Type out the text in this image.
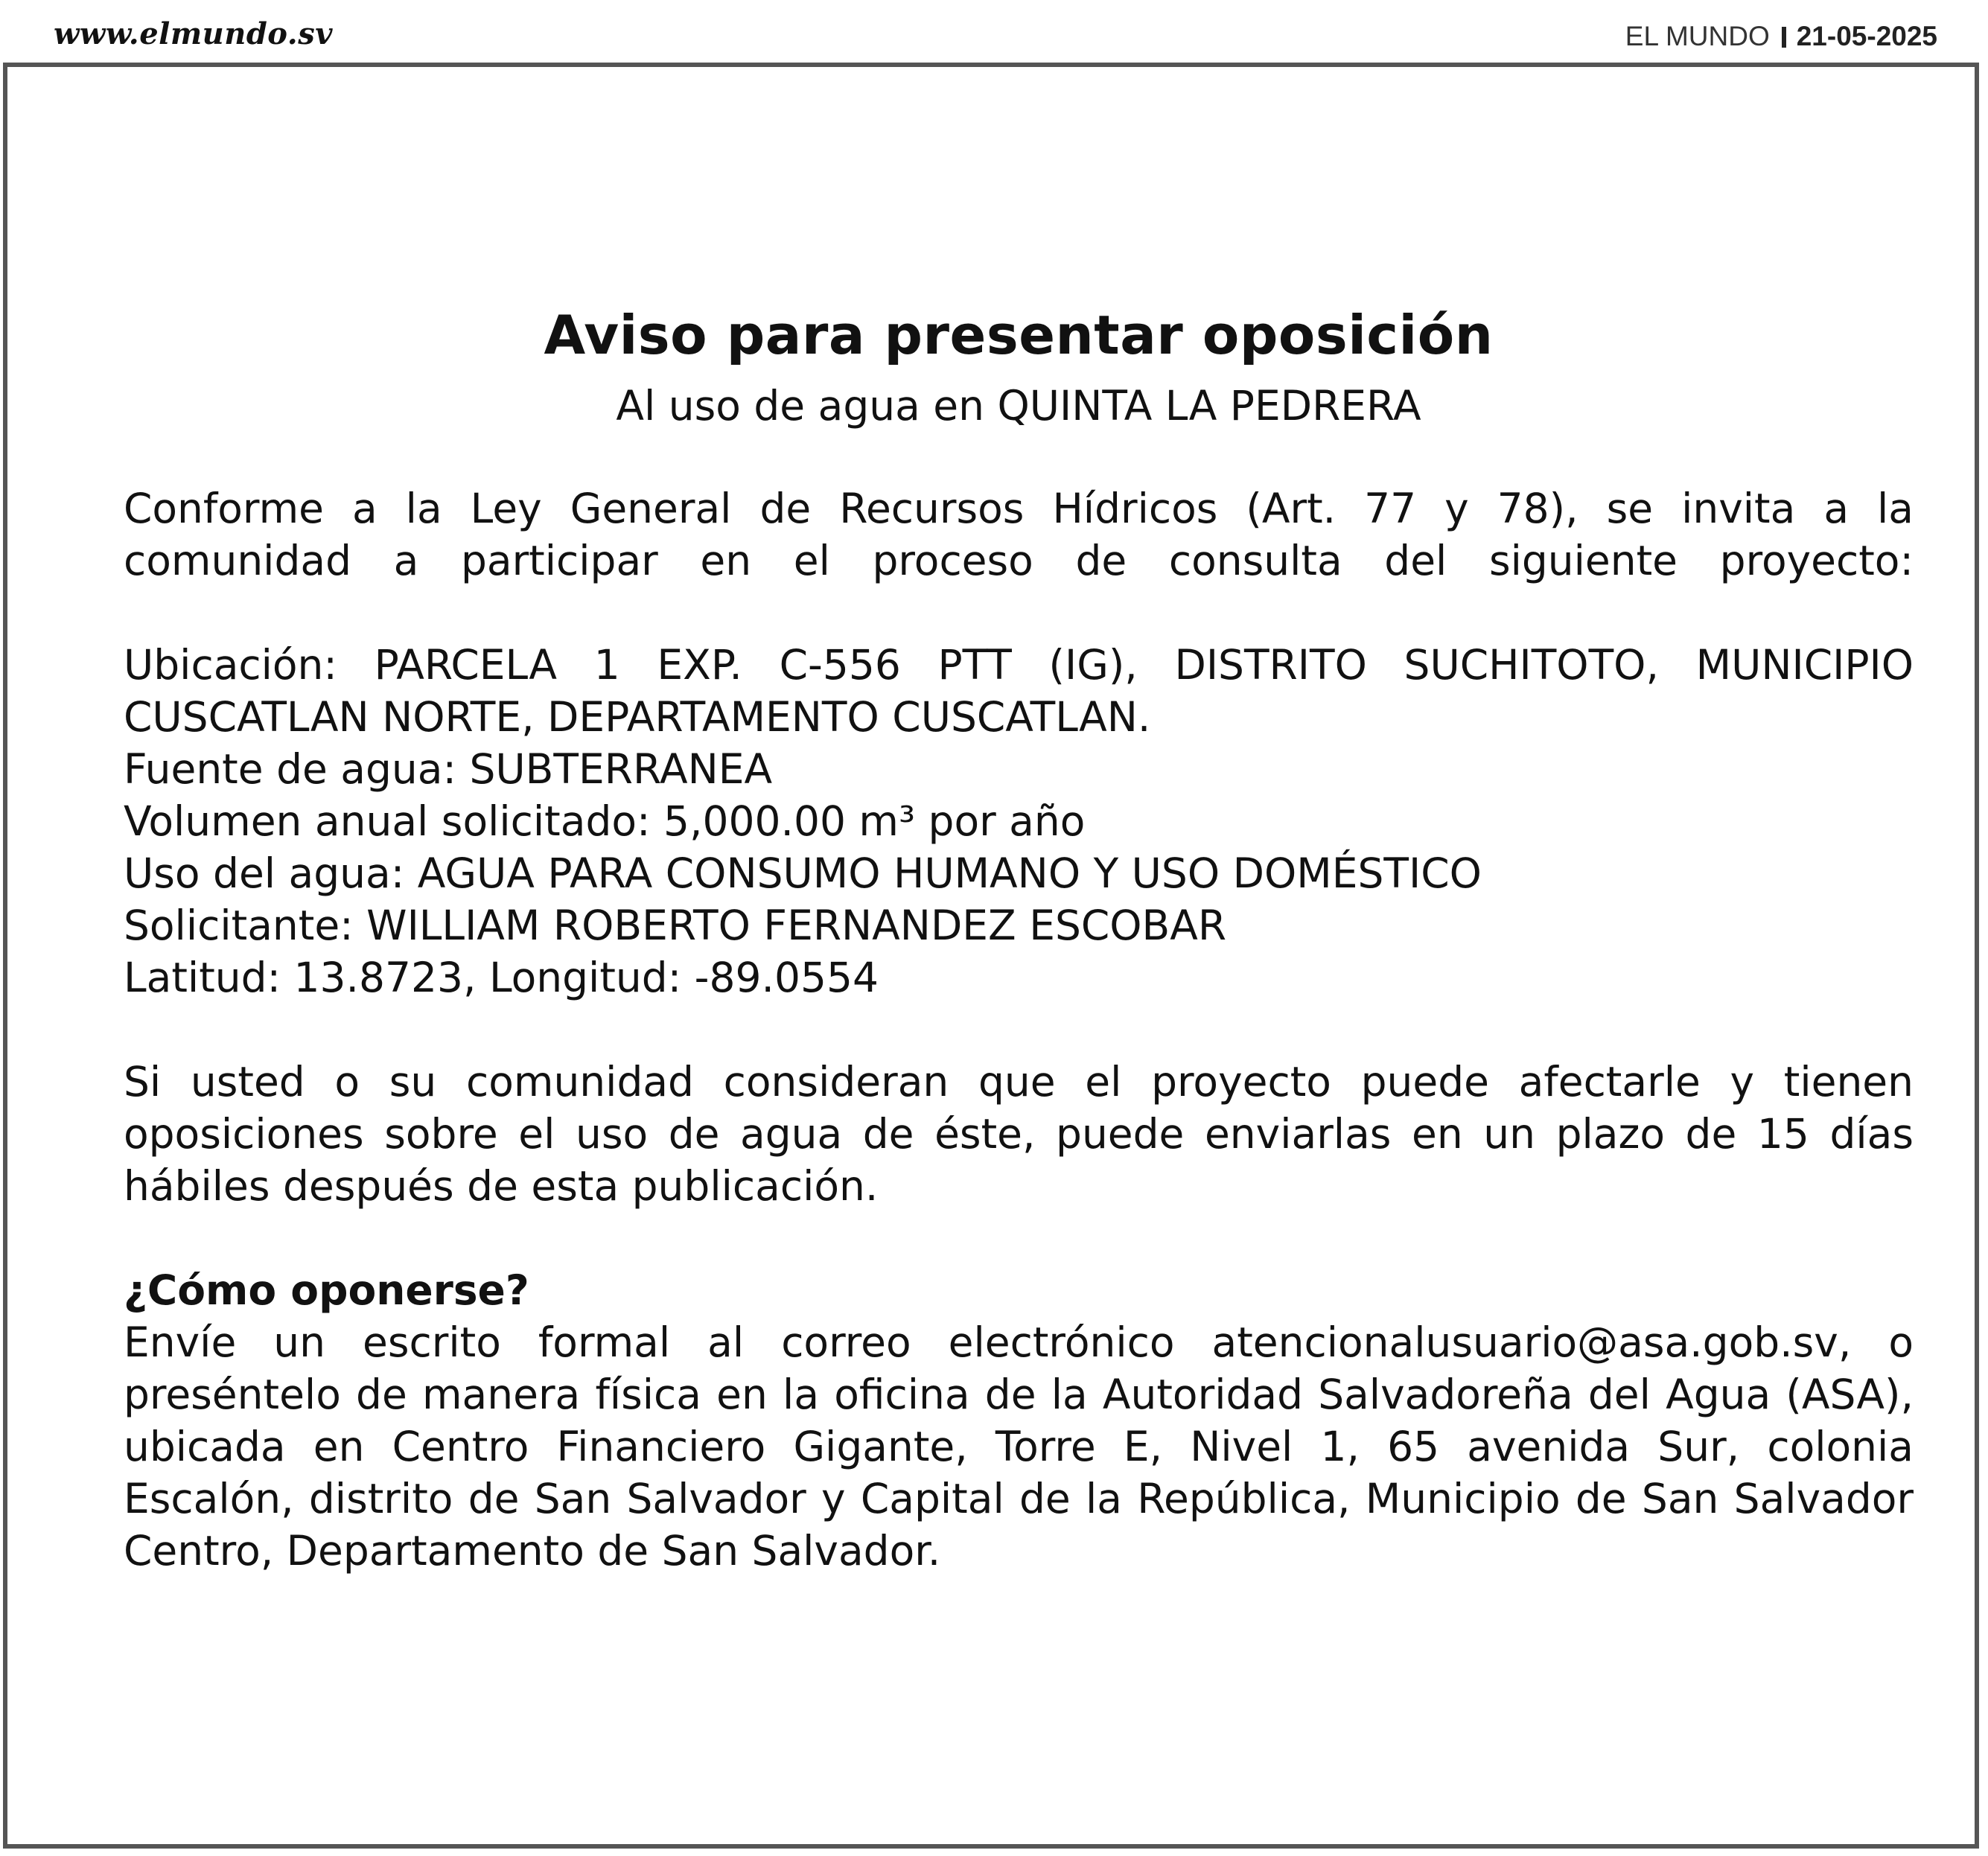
www.elmundo.sv	EL MUNDO 21-05-2025
Aviso para presentar oposición

Al uso de agua en QUINTA LA PEDRERA

Conforme a la Ley General de Recursos Hídricos (Art. 77 y 78), se invita a la comunidad a participar en el proceso de consulta del siguiente proyecto:

Ubicación: PARCELA 1 EXP. C-556 PTT (IG), DISTRITO SUCHITOTO, MUNICIPIO CUSCATLAN NORTE, DEPARTAMENTO CUSCATLAN.

Fuente de agua: SUBTERRANEA

Volumen anual solicitado: 5,000.00 m³ por año

Uso del agua: AGUA PARA CONSUMO HUMANO Y USO DOMÉSTICO

Solicitante: WILLIAM ROBERTO FERNANDEZ ESCOBAR

Latitud: 13.8723, Longitud: -89.0554

Si usted o su comunidad consideran que el proyecto puede afectarle y tienen oposiciones sobre el uso de agua de éste, puede enviarlas en un plazo de 15 días hábiles después de esta publicación.

¿Cómo oponerse?

Envíe un escrito formal al correo electrónico atencionalusuario@asa.gob.sv, o preséntelo de manera física en la oficina de la Autoridad Salvadoreña del Agua (ASA), ubicada en Centro Financiero Gigante, Torre E, Nivel 1, 65 avenida Sur, colonia Escalón, distrito de San Salvador y Capital de la República, Municipio de San Salvador Centro, Departamento de San Salvador.
